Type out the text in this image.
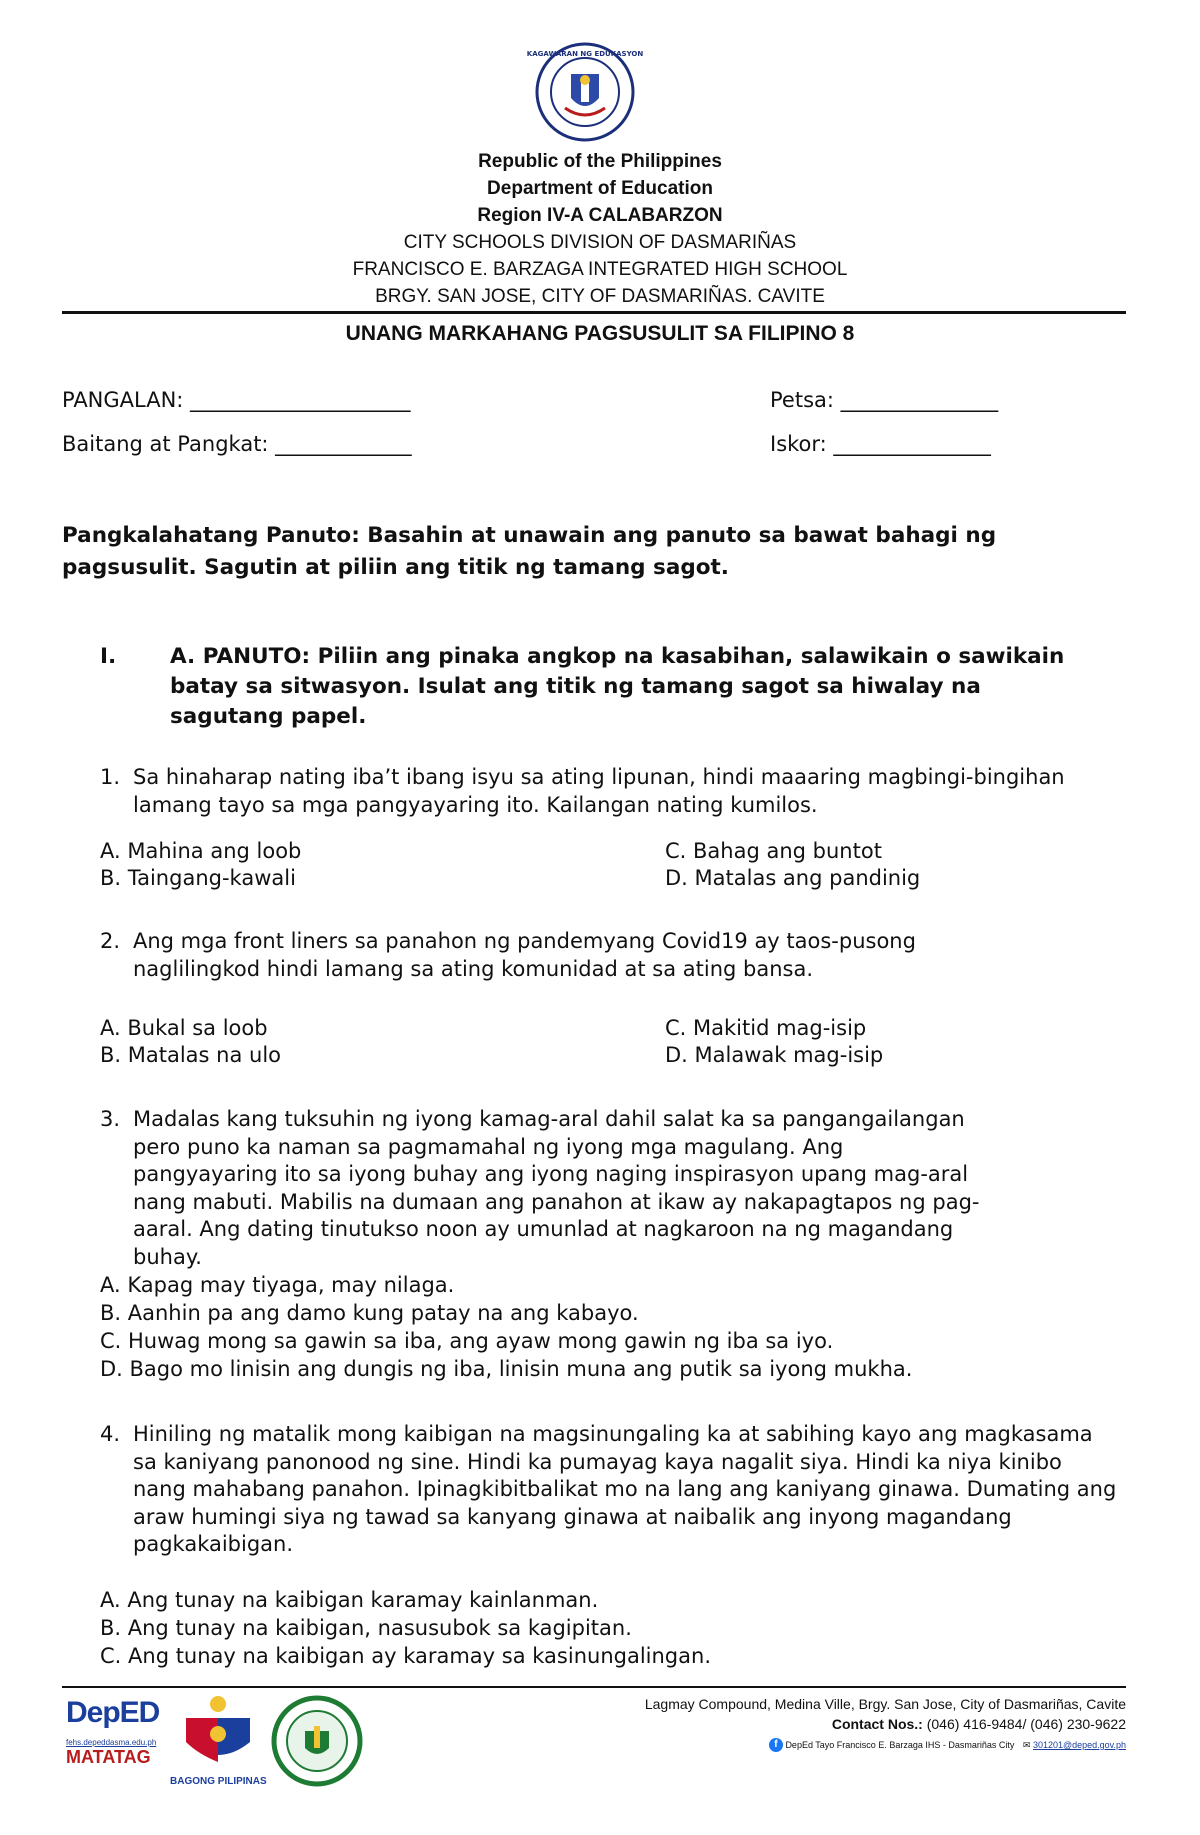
KAGAWARAN NG EDUKASYON
Republic of the Philippines
Department of Education
Region IV-A CALABARZON
CITY SCHOOLS DIVISION OF DASMARIÑAS
FRANCISCO E. BARZAGA INTEGRATED HIGH SCHOOL
BRGY. SAN JOSE, CITY OF DASMARIÑAS. CAVITE
UNANG MARKAHANG PAGSUSULIT SA FILIPINO 8
PANGALAN: _____________________	Petsa: _______________
Baitang at Pangkat: _____________	Iskor: _______________
Pangkalahatang Panuto: Basahin at unawain ang panuto sa bawat bahagi ng pagsusulit. Sagutin at piliin ang titik ng tamang sagot.
I.	A. PANUTO: Piliin ang pinaka angkop na kasabihan, salawikain o sawikain batay sa sitwasyon. Isulat ang titik ng tamang sagot sa hiwalay na sagutang papel.
1. Sa hinaharap nating iba’t ibang isyu sa ating lipunan, hindi maaaring magbingi-bingihan lamang tayo sa mga pangyayaring ito. Kailangan nating kumilos.
A. Mahina ang loob
B. Taingang-kawali
C. Bahag ang buntot
D. Matalas ang pandinig
2. Ang mga front liners sa panahon ng pandemyang Covid19 ay taos-pusong naglilingkod hindi lamang sa ating komunidad at sa ating bansa.
A. Bukal sa loob
B. Matalas na ulo
C. Makitid mag-isip
D. Malawak mag-isip
3. Madalas kang tuksuhin ng iyong kamag-aral dahil salat ka sa pangangailangan pero puno ka naman sa pagmamahal ng iyong mga magulang. Ang pangyayaring ito sa iyong buhay ang iyong naging inspirasyon upang mag-aral nang mabuti. Mabilis na dumaan ang panahon at ikaw ay nakapagtapos ng pag-aaral. Ang dating tinutukso noon ay umunlad at nagkaroon na ng magandang buhay.
A. Kapag may tiyaga, may nilaga.
B. Aanhin pa ang damo kung patay na ang kabayo.
C. Huwag mong sa gawin sa iba, ang ayaw mong gawin ng iba sa iyo.
D. Bago mo linisin ang dungis ng iba, linisin muna ang putik sa iyong mukha.
4. Hiniling ng matalik mong kaibigan na magsinungaling ka at sabihing kayo ang magkasama sa kaniyang panonood ng sine. Hindi ka pumayag kaya nagalit siya. Hindi ka niya kinibo nang mahabang panahon. Ipinagkibitbalikat mo na lang ang kaniyang ginawa. Dumating ang araw humingi siya ng tawad sa kanyang ginawa at naibalik ang inyong magandang pagkakaibigan.
A. Ang tunay na kaibigan karamay kainlanman.
B. Ang tunay na kaibigan, nasusubok sa kagipitan.
C. Ang tunay na kaibigan ay karamay sa kasinungalingan.
DepED
fehs.depeddasma.edu.ph
MATATAG
BAGONG PILIPINAS
Lagmay Compound, Medina Ville, Brgy. San Jose, City of Dasmariñas, Cavite
Contact Nos.: (046) 416-9484/ (046) 230-9622
f DepEd Tayo Francisco E. Barzaga IHS - Dasmariñas City ✉ 301201@deped.gov.ph
